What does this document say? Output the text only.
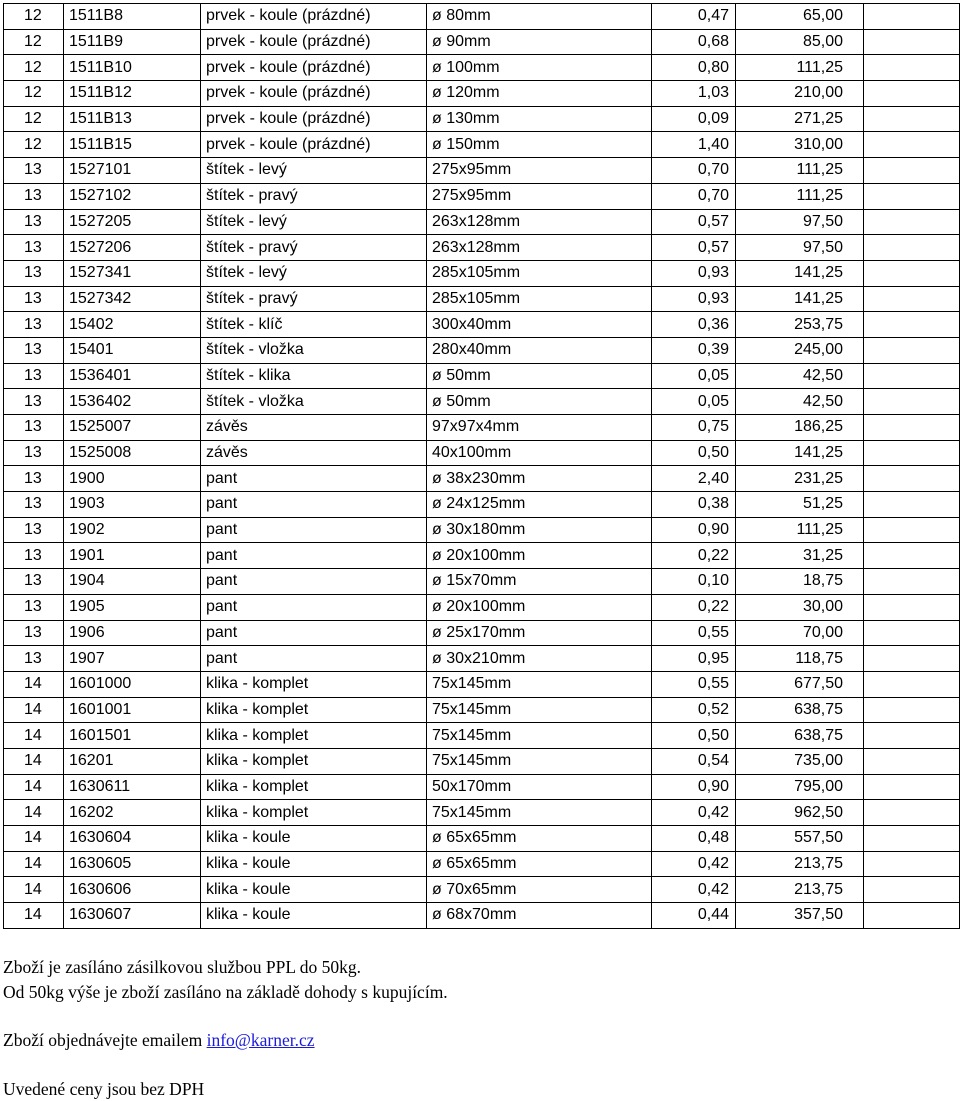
12	1511B8	prvek - koule (prázdné)	ø 80mm	0,47	65,00	
12	1511B9	prvek - koule (prázdné)	ø 90mm	0,68	85,00	
12	1511B10	prvek - koule (prázdné)	ø 100mm	0,80	111,25	
12	1511B12	prvek - koule (prázdné)	ø 120mm	1,03	210,00	
12	1511B13	prvek - koule (prázdné)	ø 130mm	0,09	271,25	
12	1511B15	prvek - koule (prázdné)	ø 150mm	1,40	310,00	
13	1527101	štítek - levý	275x95mm	0,70	111,25	
13	1527102	štítek - pravý	275x95mm	0,70	111,25	
13	1527205	štítek - levý	263x128mm	0,57	97,50	
13	1527206	štítek - pravý	263x128mm	0,57	97,50	
13	1527341	štítek - levý	285x105mm	0,93	141,25	
13	1527342	štítek - pravý	285x105mm	0,93	141,25	
13	15402	štítek - klíč	300x40mm	0,36	253,75	
13	15401	štítek - vložka	280x40mm	0,39	245,00	
13	1536401	štítek - klika	ø 50mm	0,05	42,50	
13	1536402	štítek - vložka	ø 50mm	0,05	42,50	
13	1525007	závěs	97x97x4mm	0,75	186,25	
13	1525008	závěs	40x100mm	0,50	141,25	
13	1900	pant	ø 38x230mm	2,40	231,25	
13	1903	pant	ø 24x125mm	0,38	51,25	
13	1902	pant	ø 30x180mm	0,90	111,25	
13	1901	pant	ø 20x100mm	0,22	31,25	
13	1904	pant	ø 15x70mm	0,10	18,75	
13	1905	pant	ø 20x100mm	0,22	30,00	
13	1906	pant	ø 25x170mm	0,55	70,00	
13	1907	pant	ø 30x210mm	0,95	118,75	
14	1601000	klika - komplet	75x145mm	0,55	677,50	
14	1601001	klika - komplet	75x145mm	0,52	638,75	
14	1601501	klika - komplet	75x145mm	0,50	638,75	
14	16201	klika - komplet	75x145mm	0,54	735,00	
14	1630611	klika - komplet	50x170mm	0,90	795,00	
14	16202	klika - komplet	75x145mm	0,42	962,50	
14	1630604	klika - koule	ø 65x65mm	0,48	557,50	
14	1630605	klika - koule	ø 65x65mm	0,42	213,75	
14	1630606	klika - koule	ø 70x65mm	0,42	213,75	
14	1630607	klika - koule	ø 68x70mm	0,44	357,50	

Zboží je zasíláno zásilkovou službou PPL do 50kg.

Od 50kg výše je zboží zasíláno na základě dohody s kupujícím.

Zboží objednávejte emailem info@karner.cz

Uvedené ceny jsou bez DPH
